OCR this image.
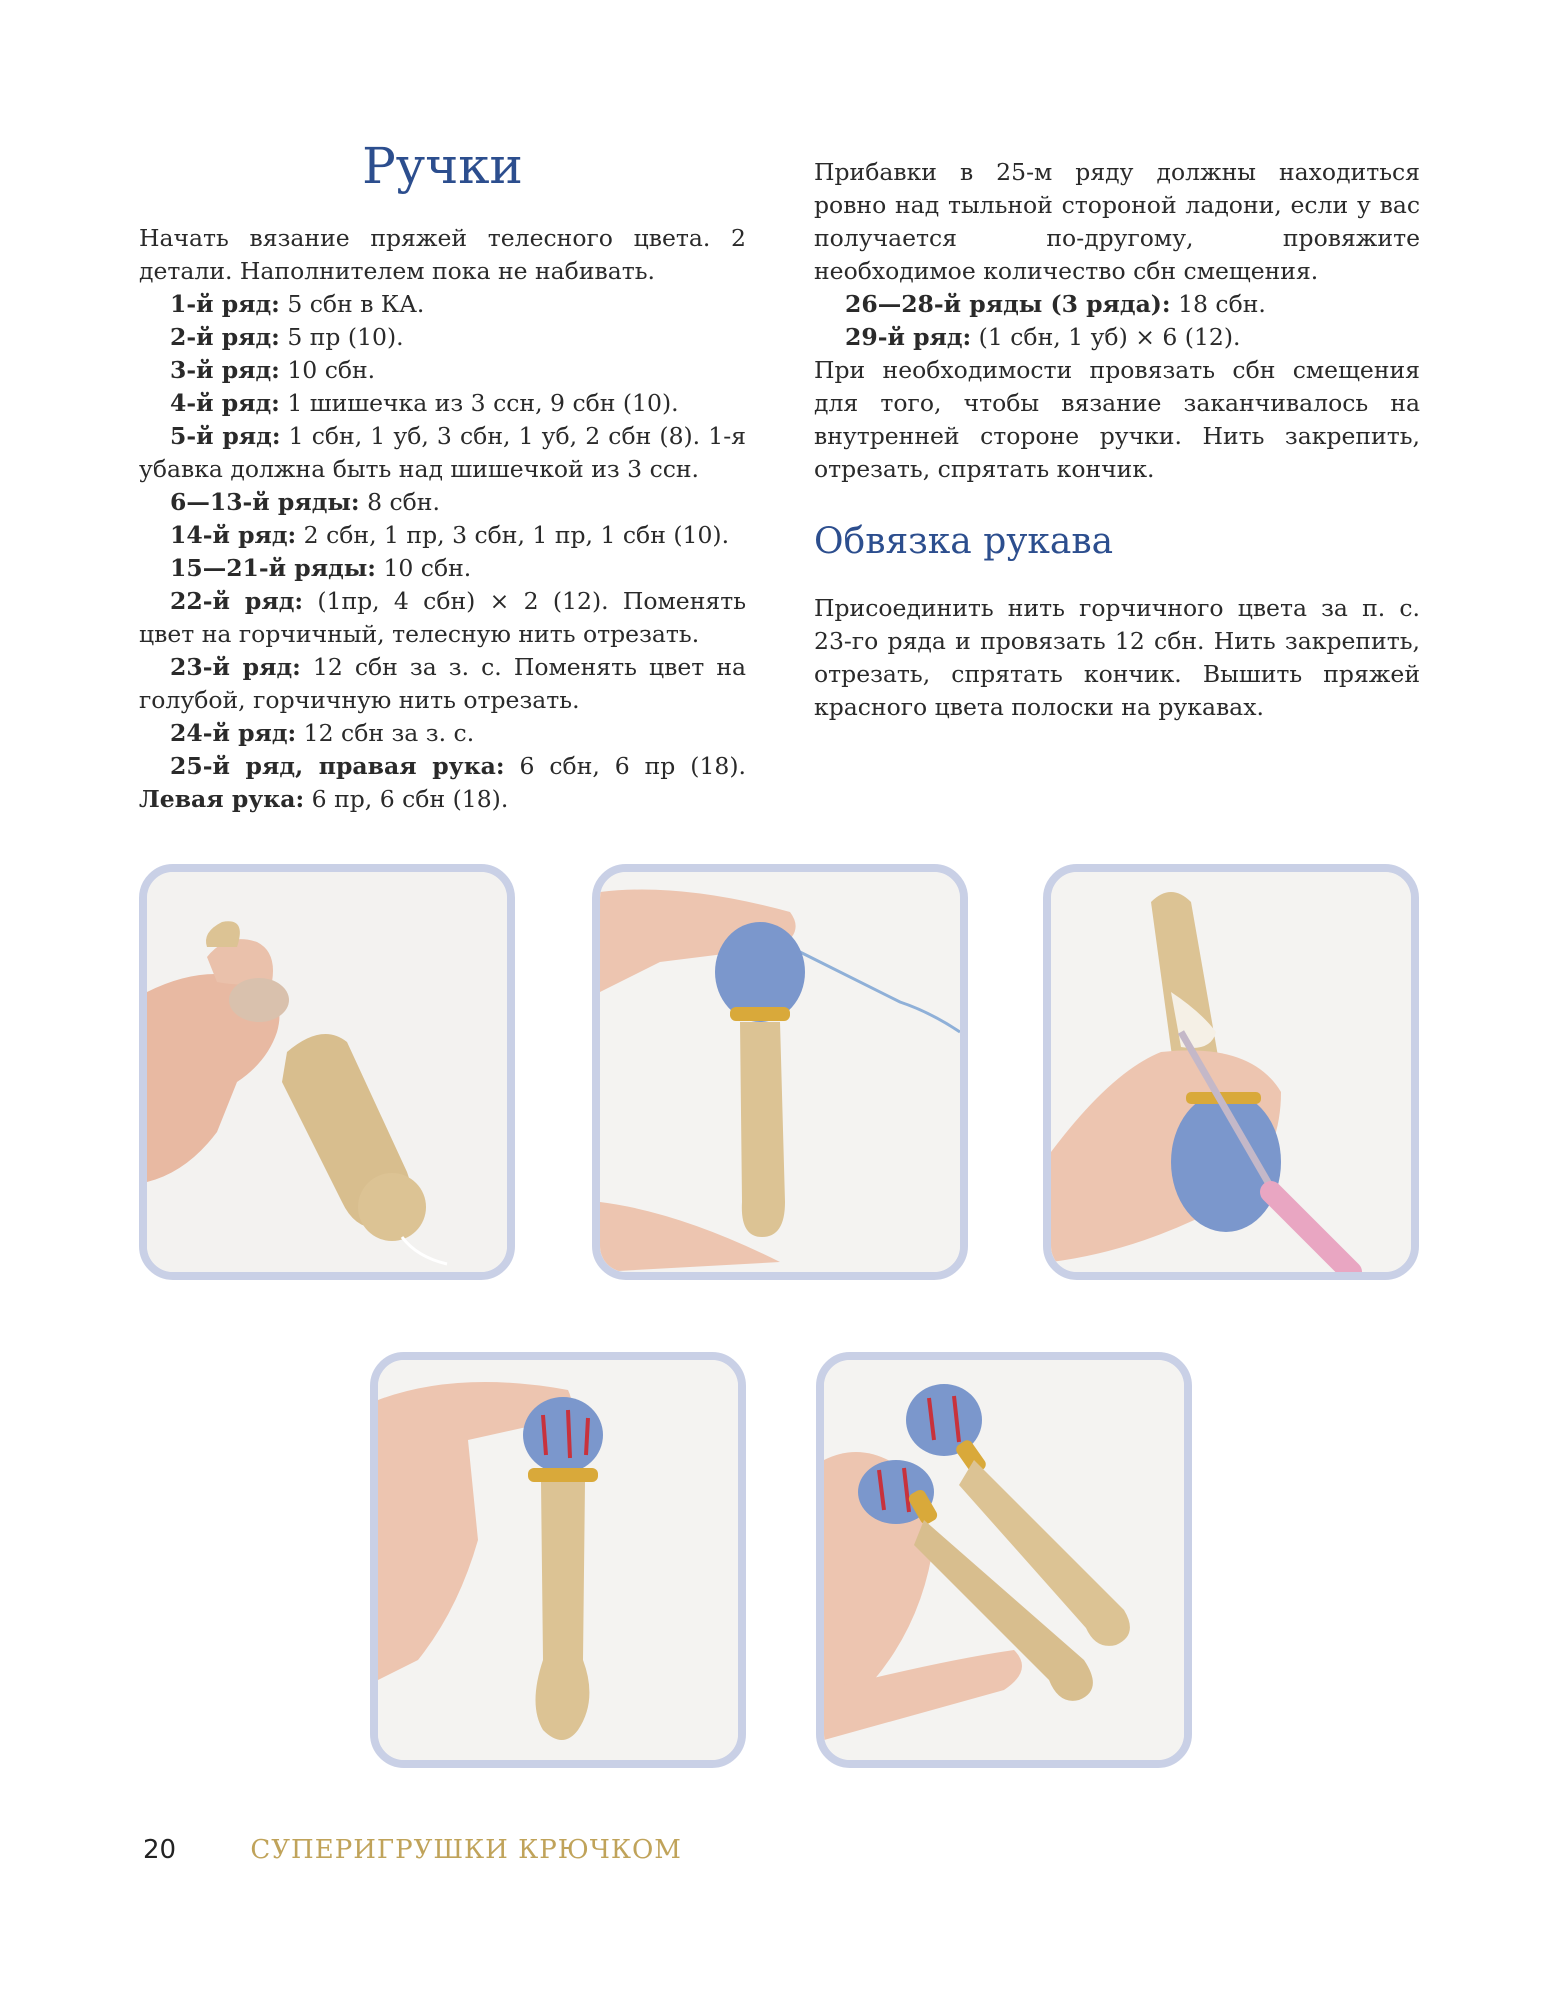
Ручки

Начать вязание пряжей телесного цвета. 2 детали. Наполнителем пока не набивать.

1-й ряд: 5 сбн в КА.

2-й ряд: 5 пр (10).

3-й ряд: 10 сбн.

4-й ряд: 1 шишечка из 3 ссн, 9 сбн (10).

5-й ряд: 1 сбн, 1 уб, 3 сбн, 1 уб, 2 сбн (8). 1-я убавка должна быть над шишечкой из 3 ссн.

6—13-й ряды: 8 сбн.

14-й ряд: 2 сбн, 1 пр, 3 сбн, 1 пр, 1 сбн (10).

15—21-й ряды: 10 сбн.

22-й ряд: (1пр, 4 сбн) × 2 (12). Поменять цвет на горчичный, телесную нить отрезать.

23-й ряд: 12 сбн за з. с. Поменять цвет на голубой, горчичную нить отрезать.

24-й ряд: 12 сбн за з. с.

25-й ряд, правая рука: 6 сбн, 6 пр (18). Левая рука: 6 пр, 6 сбн (18).

Прибавки в 25-м ряду должны находиться ровно над тыльной стороной ладони, если у вас получается по-другому, провяжите необходимое количество сбн смещения.

26—28-й ряды (3 ряда): 18 сбн.

29-й ряд: (1 сбн, 1 уб) × 6 (12).

При необходимости провязать сбн смещения для того, чтобы вязание заканчивалось на внутренней стороне ручки. Нить закрепить, отрезать, спрятать кончик.

Обвязка рукава

Присоединить нить горчичного цвета за п. с. 23-го ряда и провязать 12 сбн. Нить закрепить, отрезать, спрятать кончик. Вышить пряжей красного цвета полоски на рукавах.

20	СУПЕРИГРУШКИ КРЮЧКОМ
